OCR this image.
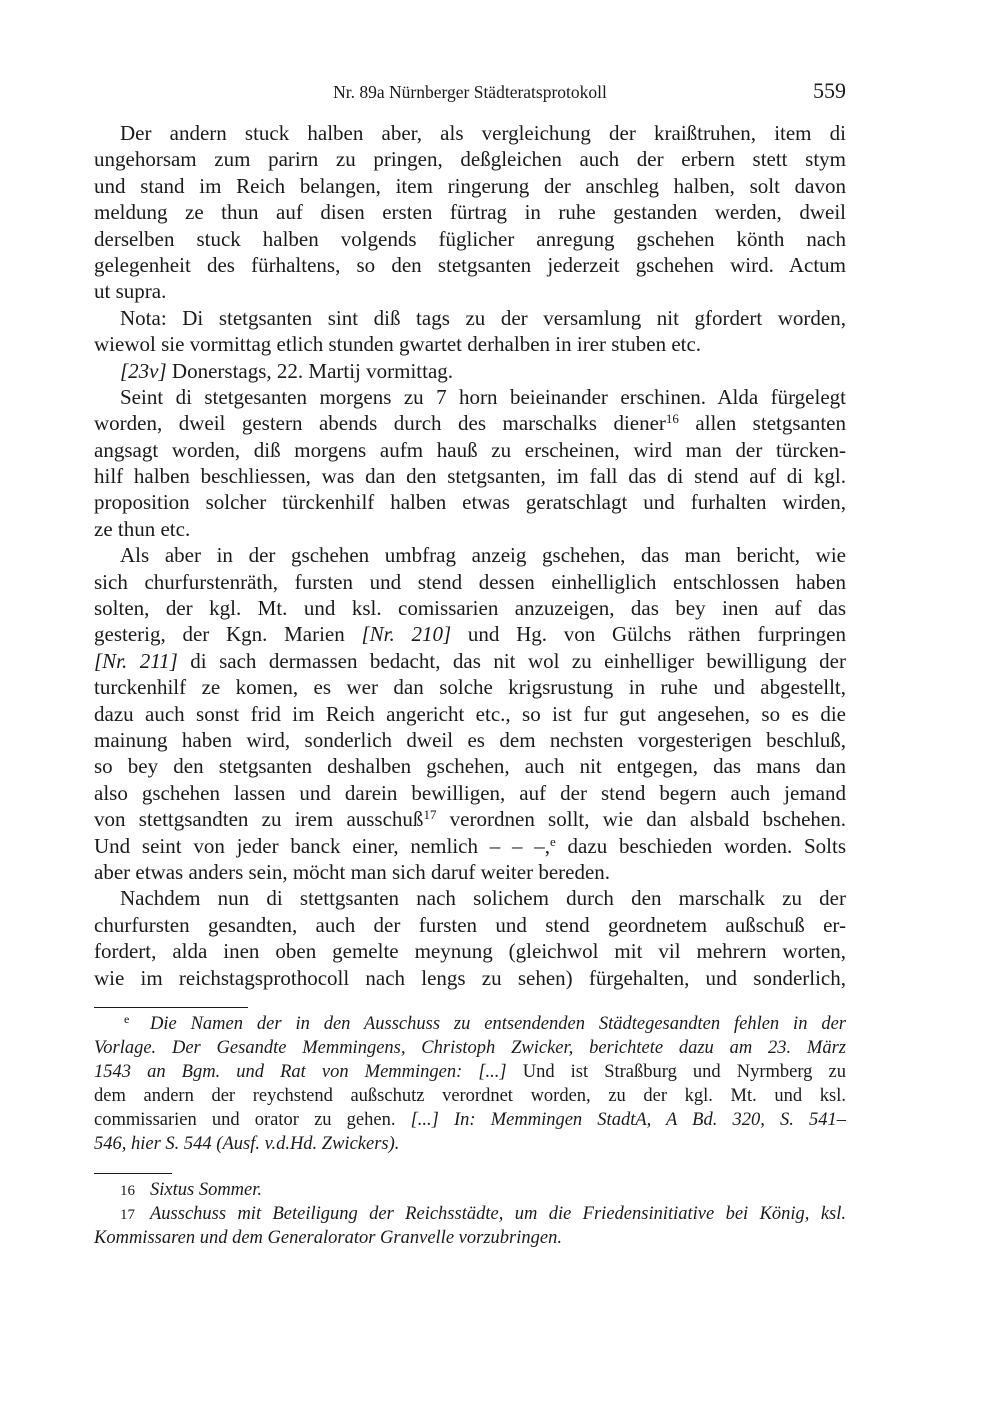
Nr. 89a Nürnberger Städteratsprotokoll	559
Der andern stuck halben aber, als vergleichung der kraißtruhen, item di
ungehorsam zum parirn zu pringen, deßgleichen auch der erbern stett stym
und stand im Reich belangen, item ringerung der anschleg halben, solt davon
meldung ze thun auf disen ersten fürtrag in ruhe gestanden werden, dweil
derselben stuck halben volgends füglicher anregung gschehen könth nach
gelegenheit des fürhaltens, so den stetgsanten jederzeit gschehen wird. Actum
ut supra.
Nota: Di stetgsanten sint diß tags zu der versamlung nit gfordert worden,
wiewol sie vormittag etlich stunden gwartet derhalben in irer stuben etc.
[23v] Donerstags, 22. Martij vormittag.
Seint di stetgesanten morgens zu 7 horn beieinander erschinen. Alda fürgelegt
worden, dweil gestern abends durch des marschalks diener$^{16}$ allen stetgsanten
angsagt worden, diß morgens aufm hauß zu erscheinen, wird man der türcken-
hilf halben beschliessen, was dan den stetgsanten, im fall das di stend auf di kgl.
proposition solcher türckenhilf halben etwas geratschlagt und furhalten wirden,
ze thun etc.
Als aber in der gschehen umbfrag anzeig gschehen, das man bericht, wie
sich churfurstenräth, fursten und stend dessen einhelliglich entschlossen haben
solten, der kgl. Mt. und ksl. comissarien anzuzeigen, das bey inen auf das
gesterig, der Kgn. Marien [Nr. 210] und Hg. von Gülchs räthen furpringen
[Nr. 211] di sach dermassen bedacht, das nit wol zu einhelliger bewilligung der
turckenhilf ze komen, es wer dan solche krigsrustung in ruhe und abgestellt,
dazu auch sonst frid im Reich angericht etc., so ist fur gut angesehen, so es die
mainung haben wird, sonderlich dweil es dem nechsten vorgesterigen beschluß,
so bey den stetgsanten deshalben gschehen, auch nit entgegen, das mans dan
also gschehen lassen und darein bewilligen, auf der stend begern auch jemand
von stettgsandten zu irem ausschuß$^{17}$ verordnen sollt, wie dan alsbald bschehen.
Und seint von jeder banck einer, nemlich – – –,$^e$ dazu beschieden worden. Solts
aber etwas anders sein, möcht man sich daruf weiter bereden.
Nachdem nun di stettgsanten nach solichem durch den marschalk zu der
churfursten gesandten, auch der fursten und stend geordnetem außschuß er-
fordert, alda inen oben gemelte meynung (gleichwol mit vil mehrern worten,
wie im reichstagsprothocoll nach lengs zu sehen) fürgehalten, und sonderlich,
e Die Namen der in den Ausschuss zu entsendenden Städtegesandten fehlen in der
Vorlage. Der Gesandte Memmingens, Christoph Zwicker, berichtete dazu am 23. März
1543 an Bgm. und Rat von Memmingen: [...] Und ist Straßburg und Nyrmberg zu
dem andern der reychstend außschutz verordnet worden, zu der kgl. Mt. und ksl.
commissarien und orator zu gehen. [...] In: Memmingen StadtA, A Bd. 320, S. 541–
546, hier S. 544 (Ausf. v.d.Hd. Zwickers).
16 Sixtus Sommer.
17 Ausschuss mit Beteiligung der Reichsstädte, um die Friedensinitiative bei König, ksl.
Kommissaren und dem Generalorator Granvelle vorzubringen.
